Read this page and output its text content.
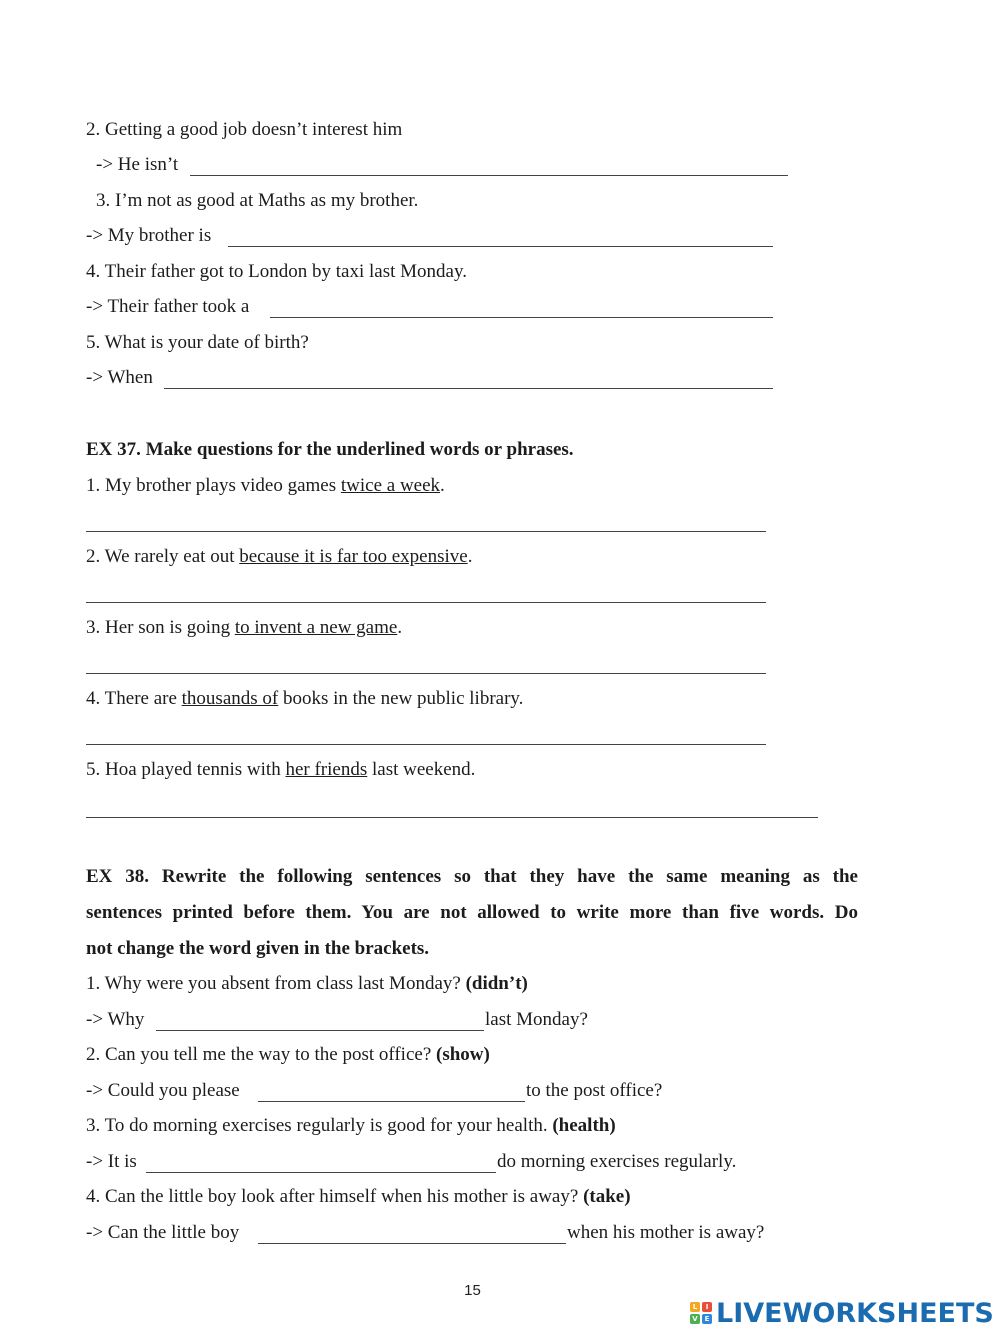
2. Getting a good job doesn’t interest him
-> He isn’t
3. I’m not as good at Maths as my brother.
-> My brother is
4. Their father got to London by taxi last Monday.
-> Their father took a
5. What is your date of birth?
-> When
EX 37. Make questions for the underlined words or phrases.
1. My brother plays video games twice a week.
2. We rarely eat out because it is far too expensive.
3. Her son is going to invent a new game.
4. There are thousands of books in the new public library.
5. Hoa played tennis with her friends last weekend.
EX 38. Rewrite the following sentences so that they have the same meaning as the
sentences printed before them. You are not allowed to write more than five words. Do
not change the word given in the brackets.
1. Why were you absent from class last Monday? (didn’t)
-> Why	last Monday?
2. Can you tell me the way to the post office? (show)
-> Could you please	to the post office?
3. To do morning exercises regularly is good for your health. (health)
-> It is	do morning exercises regularly.
4. Can the little boy look after himself when his mother is away? (take)
-> Can the little boy	when his mother is away?
15
L	I
V E LIVEWORKSHEETS
